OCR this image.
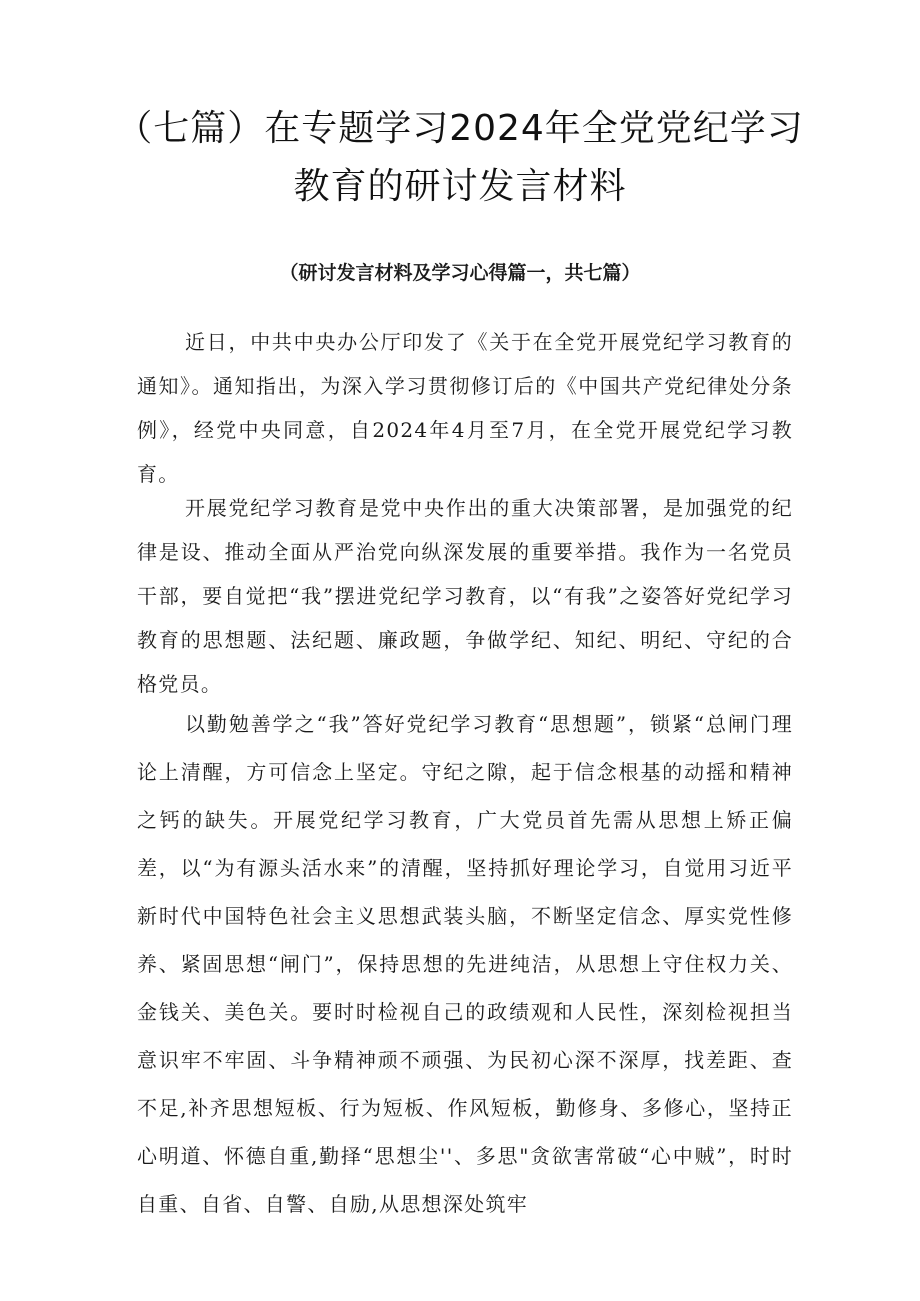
（七篇）在专题学习2024年全党党纪学习教育的研讨发言材料

（研讨发言材料及学习心得篇一，共七篇）

近日，中共中央办公厅印发了《关于在全党开展党纪学习教育的通知》。通知指出，为深入学习贯彻修订后的《中国共产党纪律处分条例》，经党中央同意，自2024年4月至7月，在全党开展党纪学习教育。

开展党纪学习教育是党中央作出的重大决策部署，是加强党的纪律是设、推动全面从严治党向纵深发展的重要举措。我作为一名党员干部，要自觉把“我”摆进党纪学习教育，以“有我”之姿答好党纪学习教育的思想题、法纪题、廉政题，争做学纪、知纪、明纪、守纪的合格党员。

以勤勉善学之“我”答好党纪学习教育“思想题”，锁紧“总闸门理论上清醒，方可信念上坚定。守纪之隙，起于信念根基的动摇和精神之钙的缺失。开展党纪学习教育，广大党员首先需从思想上矫正偏差，以“为有源头活水来”的清醒，坚持抓好理论学习，自觉用习近平新时代中国特色社会主义思想武装头脑，不断坚定信念、厚实党性修养、紧固思想“闸门”，保持思想的先进纯洁，从思想上守住权力关、金钱关、美色关。要时时检视自己的政绩观和人民性，深刻检视担当意识牢不牢固、斗争精神顽不顽强、为民初心深不深厚，找差距、查不足,补齐思想短板、行为短板、作风短板，勤修身、多修心，坚持正心明道、怀德自重,勤择“思想尘''、多思"贪欲害常破“心中贼”，时时自重、自省、自警、自励,从思想深处筑牢
